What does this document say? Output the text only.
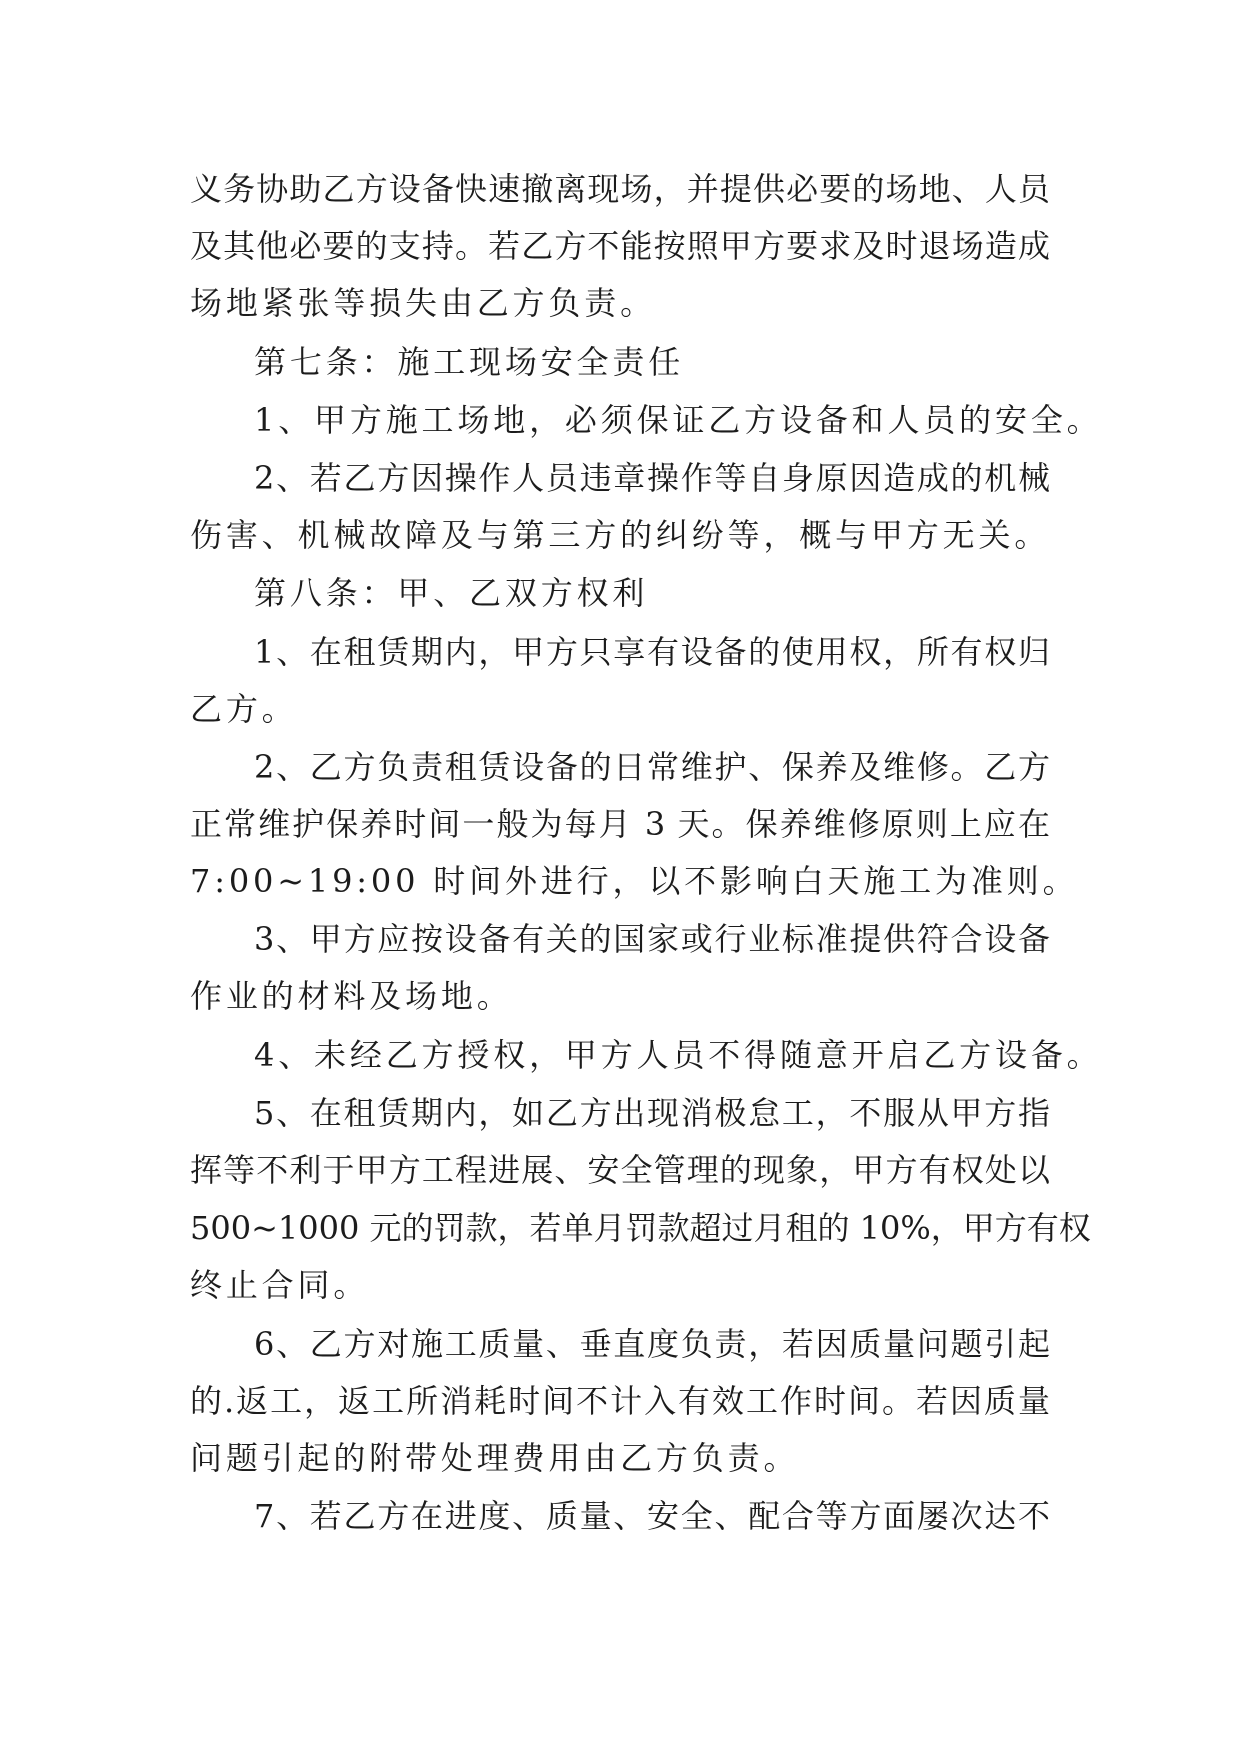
义务协助乙方设备快速撤离现场，并提供必要的场地、人员
及其他必要的支持。若乙方不能按照甲方要求及时退场造成
场地紧张等损失由乙方负责。
第七条：施工现场安全责任
1、甲方施工场地，必须保证乙方设备和人员的安全。
2、若乙方因操作人员违章操作等自身原因造成的机械
伤害、机械故障及与第三方的纠纷等，概与甲方无关。
第八条：甲、乙双方权利
1、在租赁期内，甲方只享有设备的使用权，所有权归
乙方。
2、乙方负责租赁设备的日常维护、保养及维修。乙方
正常维护保养时间一般为每月 3 天。保养维修原则上应在
7:00~19:00 时间外进行，以不影响白天施工为准则。
3、甲方应按设备有关的国家或行业标准提供符合设备
作业的材料及场地。
4、未经乙方授权，甲方人员不得随意开启乙方设备。
5、在租赁期内，如乙方出现消极怠工，不服从甲方指
挥等不利于甲方工程进展、安全管理的现象，甲方有权处以
500~1000 元的罚款，若单月罚款超过月租的 10%，甲方有权
终止合同。
6、乙方对施工质量、垂直度负责，若因质量问题引起
的.返工，返工所消耗时间不计入有效工作时间。若因质量
问题引起的附带处理费用由乙方负责。
7、若乙方在进度、质量、安全、配合等方面屡次达不
